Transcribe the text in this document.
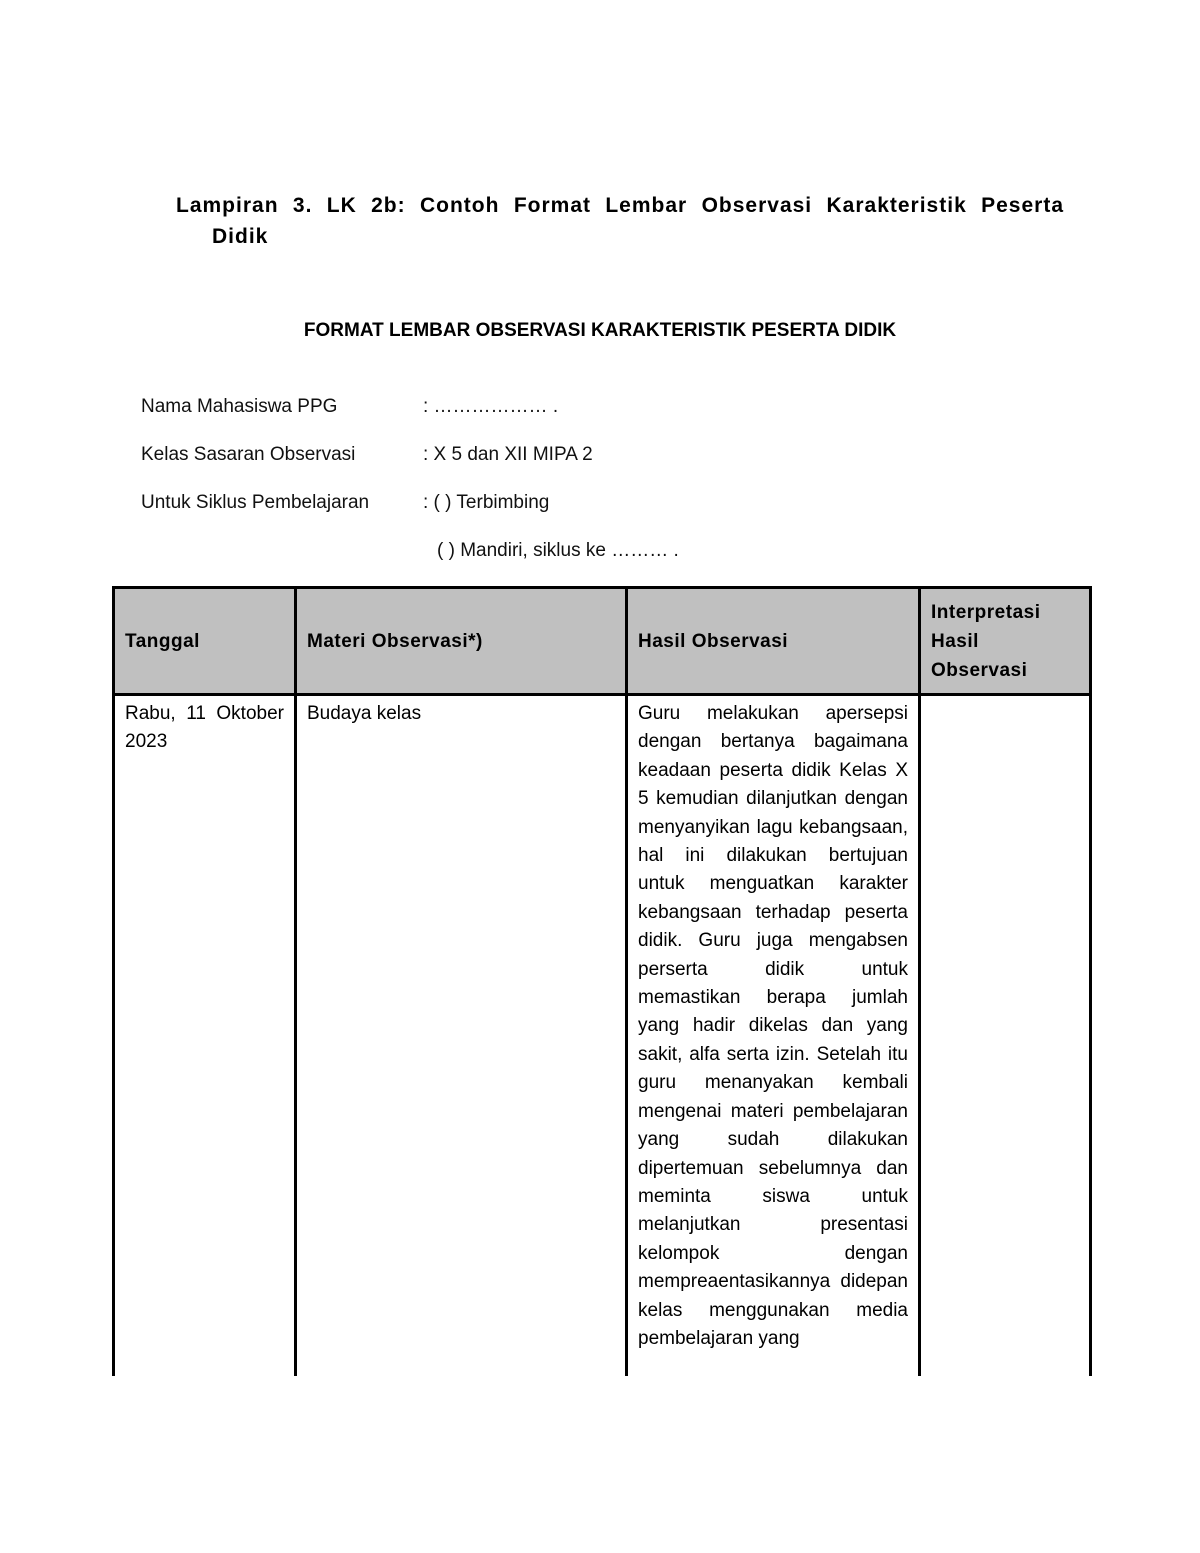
Lampiran 3. LK 2b: Contoh Format Lembar Observasi Karakteristik Peserta
Didik
FORMAT LEMBAR OBSERVASI KARAKTERISTIK PESERTA DIDIK
Nama Mahasiswa PPG	: ……………… .
Kelas Sasaran Observasi	: X 5 dan XII MIPA 2
Untuk Siklus Pembelajaran	: ( ) Terbimbing
( ) Mandiri, siklus ke ……… .
Tanggal	Materi Observasi*)	Hasil Observasi	Interpretasi Hasil Observasi
Rabu, 11 Oktober 2023	Budaya kelas	Guru melakukan apersepsi dengan bertanya bagaimana keadaan peserta didik Kelas X 5 kemudian dilanjutkan dengan menyanyikan lagu kebangsaan, hal ini dilakukan bertujuan untuk menguatkan karakter kebangsaan terhadap peserta didik. Guru juga mengabsen perserta didik untuk memastikan berapa jumlah yang hadir dikelas dan yang sakit, alfa serta izin. Setelah itu guru menanyakan kembali mengenai materi pembelajaran yang sudah dilakukan dipertemuan sebelumnya dan meminta siswa untuk melanjutkan presentasi kelompok dengan mempreaentasikannya didepan kelas menggunakan media pembelajaran yang	
